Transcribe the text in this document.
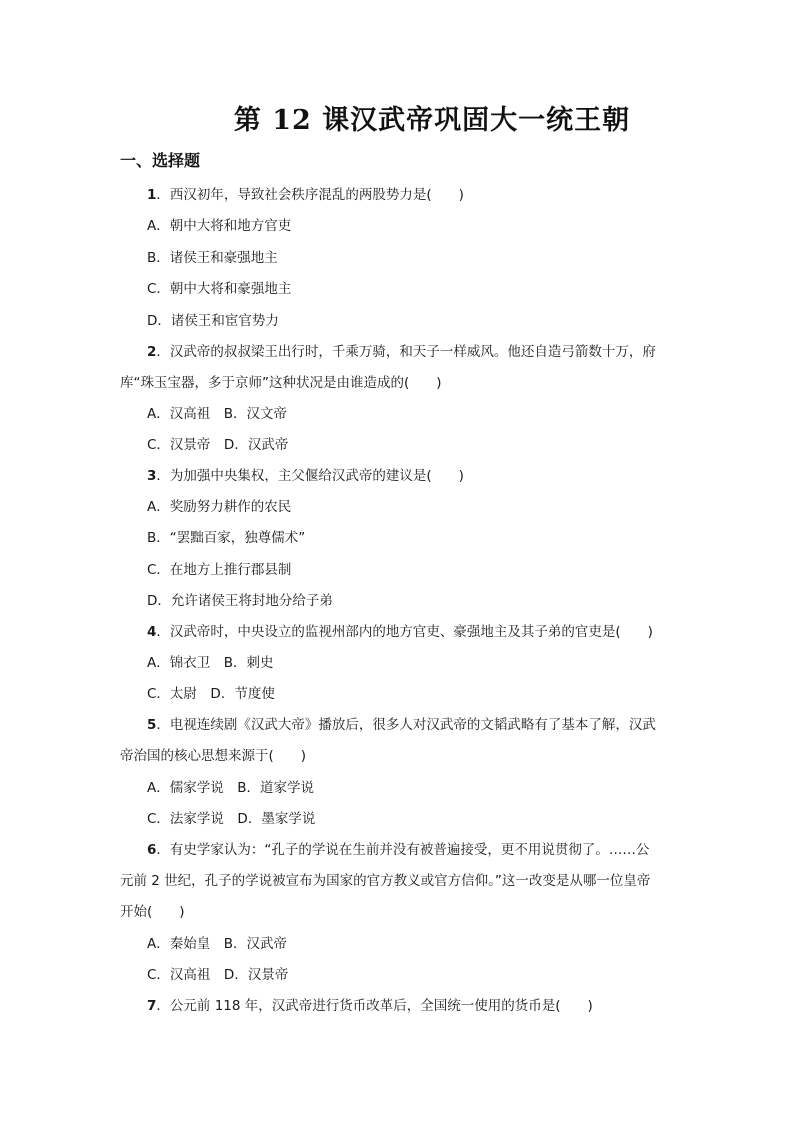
第 12 课汉武帝巩固大一统王朝
一、选择题
1．西汉初年，导致社会秩序混乱的两股势力是(　　)
A．朝中大将和地方官吏
B．诸侯王和豪强地主
C．朝中大将和豪强地主
D．诸侯王和宦官势力
2．汉武帝的叔叔梁王出行时，千乘万骑，和天子一样威风。他还自造弓箭数十万，府
库“珠玉宝器，多于京师”这种状况是由谁造成的(　　)
A．汉高祖　B．汉文帝
C．汉景帝　D．汉武帝
3．为加强中央集权，主父偃给汉武帝的建议是(　　)
A．奖励努力耕作的农民
B．“罢黜百家，独尊儒术”
C．在地方上推行郡县制
D．允许诸侯王将封地分给子弟
4．汉武帝时，中央设立的监视州部内的地方官吏、豪强地主及其子弟的官吏是(　　)
A．锦衣卫　B．刺史
C．太尉　D．节度使
5．电视连续剧《汉武大帝》播放后，很多人对汉武帝的文韬武略有了基本了解，汉武
帝治国的核心思想来源于(　　)
A．儒家学说　B．道家学说
C．法家学说　D．墨家学说
6．有史学家认为：“孔子的学说在生前并没有被普遍接受，更不用说贯彻了。……公
元前 2 世纪，孔子的学说被宣布为国家的官方教义或官方信仰。”这一改变是从哪一位皇帝
开始(　　)
A．秦始皇　B．汉武帝
C．汉高祖　D．汉景帝
7．公元前 118 年，汉武帝进行货币改革后，全国统一使用的货币是(　　)
